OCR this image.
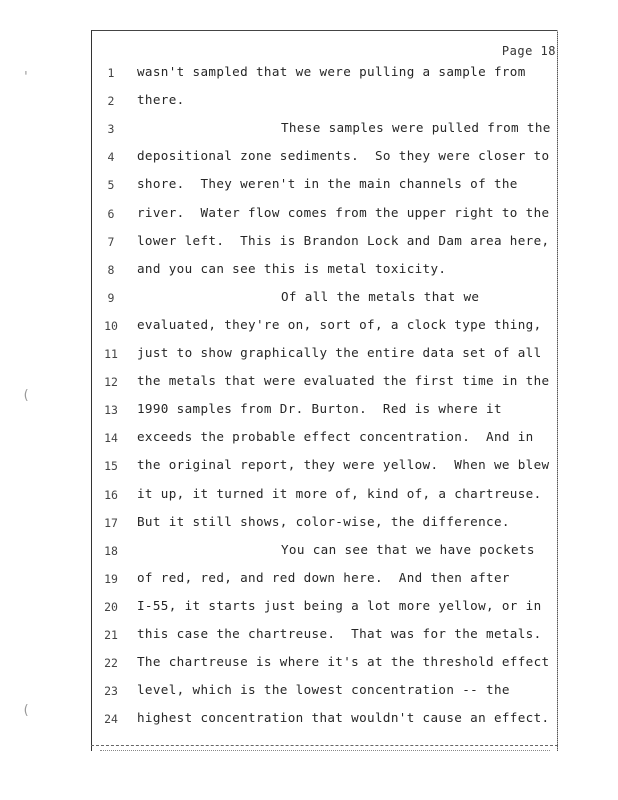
'
(
(
Page 18
1	wasn't sampled that we were pulling a sample from
2	there.
3	These samples were pulled from the
4	depositional zone sediments.  So they were closer to
5	shore.  They weren't in the main channels of the
6	river.  Water flow comes from the upper right to the
7	lower left.  This is Brandon Lock and Dam area here,
8	and you can see this is metal toxicity.
9	Of all the metals that we
10	evaluated, they're on, sort of, a clock type thing,
11	just to show graphically the entire data set of all
12	the metals that were evaluated the first time in the
13	1990 samples from Dr. Burton.  Red is where it
14	exceeds the probable effect concentration.  And in
15	the original report, they were yellow.  When we blew
16	it up, it turned it more of, kind of, a chartreuse.
17	But it still shows, color-wise, the difference.
18	You can see that we have pockets
19	of red, red, and red down here.  And then after
20	I-55, it starts just being a lot more yellow, or in
21	this case the chartreuse.  That was for the metals.
22	The chartreuse is where it's at the threshold effect
23	level, which is the lowest concentration -- the
24	highest concentration that wouldn't cause an effect.
